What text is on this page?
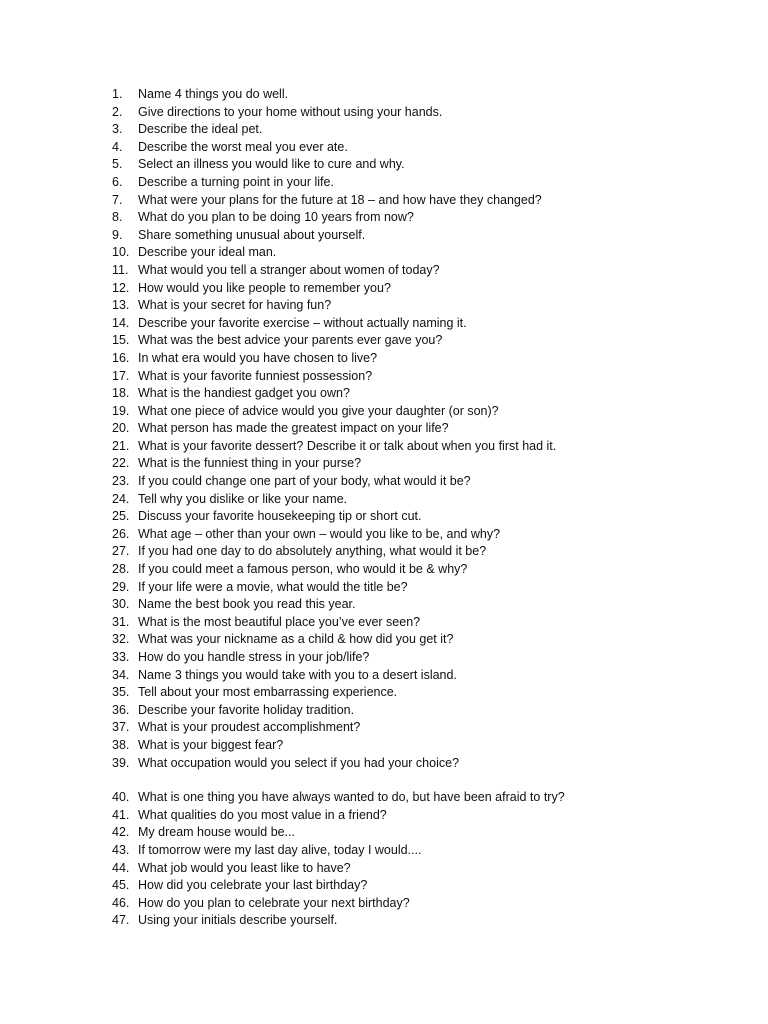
1.	Name 4 things you do well.
2.	Give directions to your home without using your hands.
3.	Describe the ideal pet.
4.	Describe the worst meal you ever ate.
5.	Select an illness you would like to cure and why.
6.	Describe a turning point in your life.
7.	What were your plans for the future at 18 – and how have they changed?
8.	What do you plan to be doing 10 years from now?
9.	Share something unusual about yourself.
10. Describe your ideal man.
11. What would you tell a stranger about women of today?
12. How would you like people to remember you?
13. What is your secret for having fun?
14. Describe your favorite exercise – without actually naming it.
15. What was the best advice your parents ever gave you?
16. In what era would you have chosen to live?
17. What is your favorite funniest possession?
18. What is the handiest gadget you own?
19. What one piece of advice would you give your daughter (or son)?
20. What person has made the greatest impact on your life?
21. What is your favorite dessert? Describe it or talk about when you first had it.
22. What is the funniest thing in your purse?
23. If you could change one part of your body, what would it be?
24. Tell why you dislike or like your name.
25. Discuss your favorite housekeeping tip or short cut.
26. What age – other than your own – would you like to be, and why?
27. If you had one day to do absolutely anything, what would it be?
28. If you could meet a famous person, who would it be & why?
29. If your life were a movie, what would the title be?
30. Name the best book you read this year.
31. What is the most beautiful place you’ve ever seen?
32. What was your nickname as a child & how did you get it?
33. How do you handle stress in your job/life?
34. Name 3 things you would take with you to a desert island.
35. Tell about your most embarrassing experience.
36. Describe your favorite holiday tradition.
37. What is your proudest accomplishment?
38. What is your biggest fear?
39. What occupation would you select if you had your choice?
40. What is one thing you have always wanted to do, but have been afraid to try?
41. What qualities do you most value in a friend?
42. My dream house would be...
43. If tomorrow were my last day alive, today I would....
44. What job would you least like to have?
45. How did you celebrate your last birthday?
46. How do you plan to celebrate your next birthday?
47. Using your initials describe yourself.
